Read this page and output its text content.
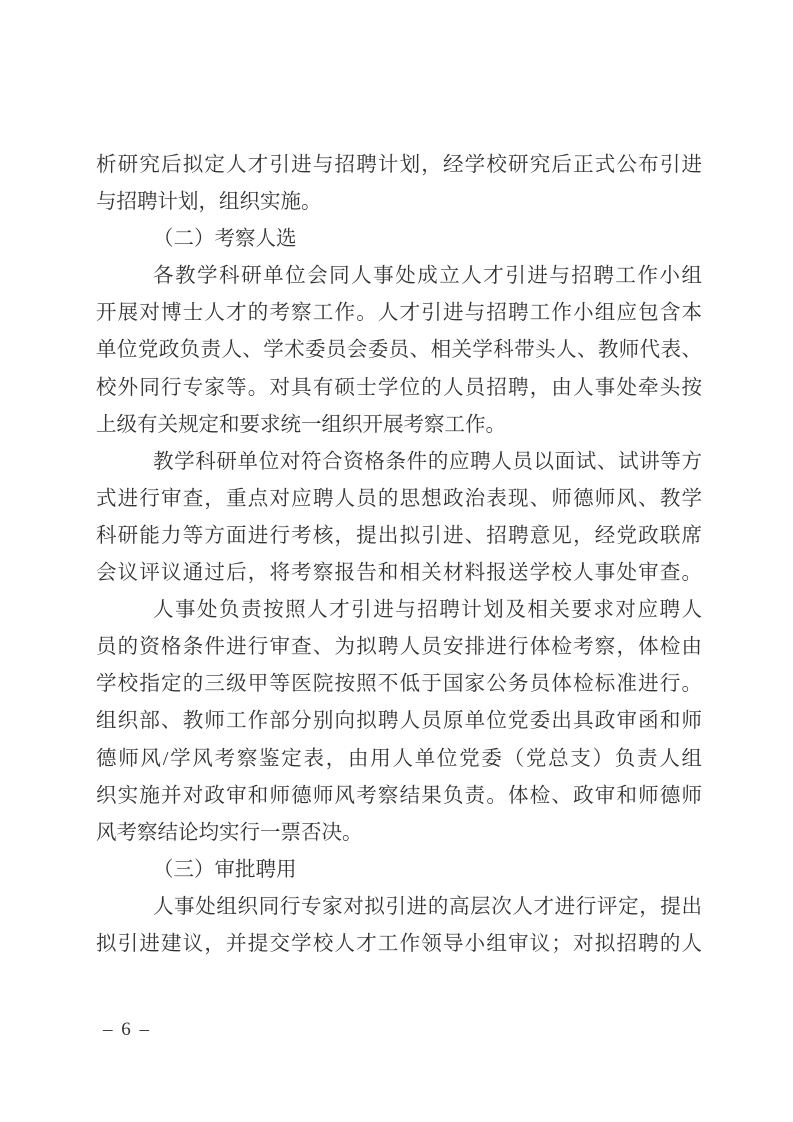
析研究后拟定人才引进与招聘计划，经学校研究后正式公布引进
与招聘计划，组织实施。
（二）考察人选
各教学科研单位会同人事处成立人才引进与招聘工作小组
开展对博士人才的考察工作。人才引进与招聘工作小组应包含本
单位党政负责人、学术委员会委员、相关学科带头人、教师代表、
校外同行专家等。对具有硕士学位的人员招聘，由人事处牵头按
上级有关规定和要求统一组织开展考察工作。
教学科研单位对符合资格条件的应聘人员以面试、试讲等方
式进行审查，重点对应聘人员的思想政治表现、师德师风、教学
科研能力等方面进行考核，提出拟引进、招聘意见，经党政联席
会议评议通过后，将考察报告和相关材料报送学校人事处审查。
人事处负责按照人才引进与招聘计划及相关要求对应聘人
员的资格条件进行审查、为拟聘人员安排进行体检考察，体检由
学校指定的三级甲等医院按照不低于国家公务员体检标准进行。
组织部、教师工作部分别向拟聘人员原单位党委出具政审函和师
德师风/学风考察鉴定表，由用人单位党委（党总支）负责人组
织实施并对政审和师德师风考察结果负责。体检、政审和师德师
风考察结论均实行一票否决。
（三）审批聘用
人事处组织同行专家对拟引进的高层次人才进行评定，提出
拟引进建议，并提交学校人才工作领导小组审议；对拟招聘的人
– 6 –
